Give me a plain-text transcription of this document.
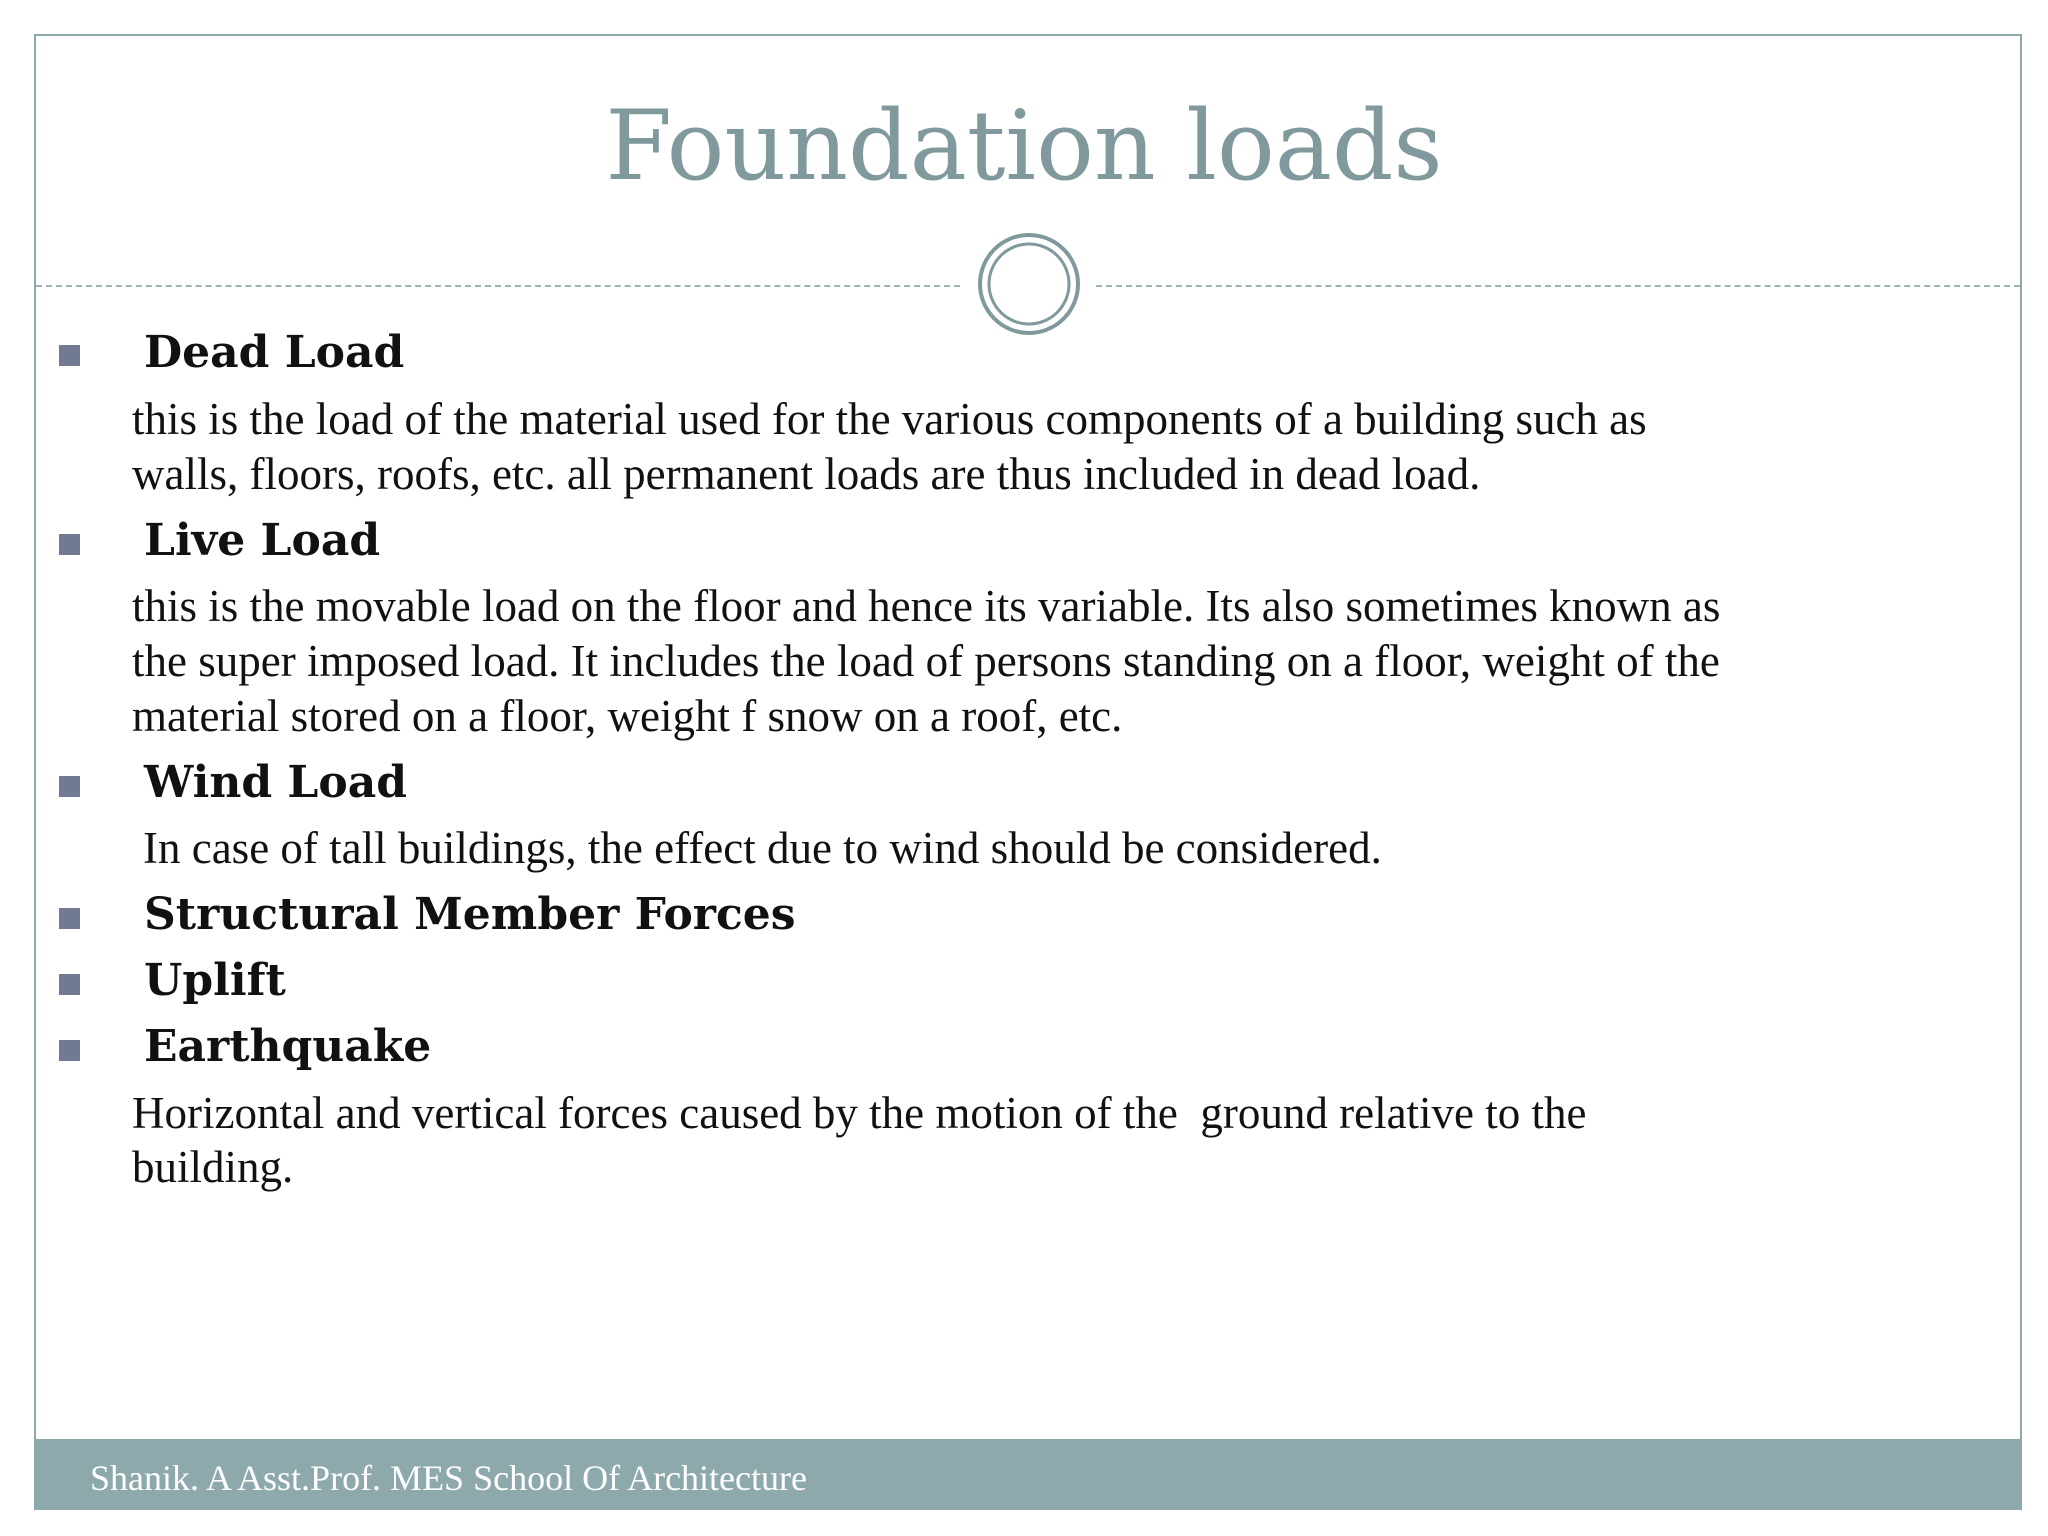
Foundation loads
Dead Load
this is the load of the material used for the various components of a building such as
walls, floors, roofs, etc. all permanent loads are thus included in dead load.
Live Load
this is the movable load on the floor and hence its variable. Its also sometimes known as
the super imposed load. It includes the load of persons standing on a floor, weight of the
material stored on a floor, weight f snow on a roof, etc.
Wind Load
In case of tall buildings, the effect due to wind should be considered.
Structural Member Forces
Uplift
Earthquake
Horizontal and vertical forces caused by the motion of the  ground relative to the
building.
Shanik. A Asst.Prof. MES School Of Architecture
